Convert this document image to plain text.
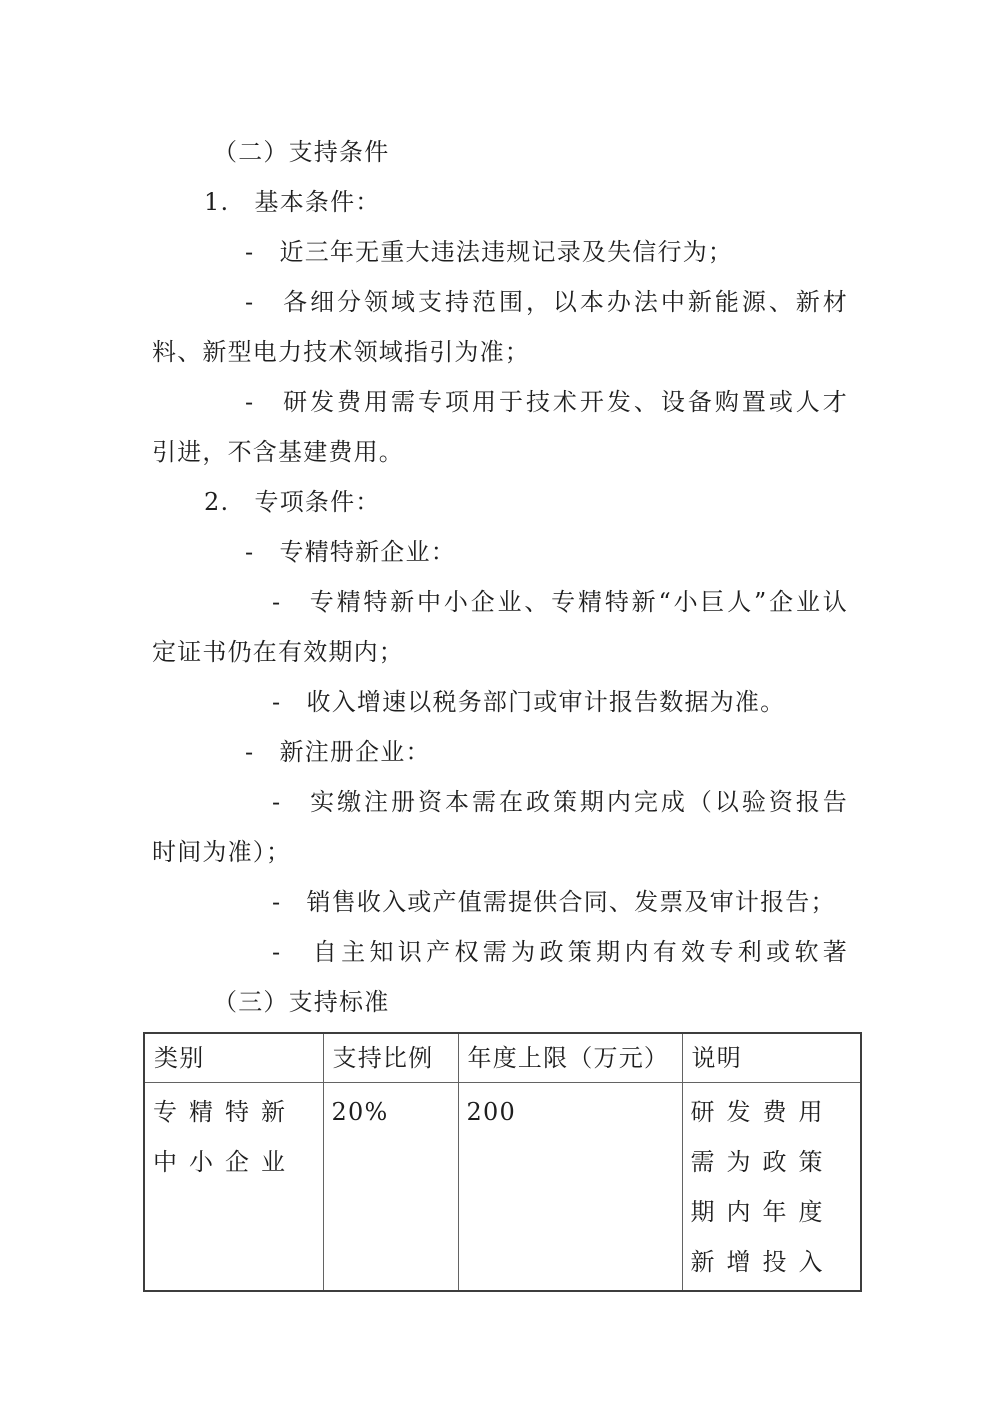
（二）支持条件
1.　基本条件：
-　近三年无重大违法违规记录及失信行为；
-　各细分领域支持范围，以本办法中新能源、新材
料、新型电力技术领域指引为准；
-　研发费用需专项用于技术开发、设备购置或人才
引进，不含基建费用。
2.　专项条件：
-　专精特新企业：
-　专精特新中小企业、专精特新“小巨人”企业认
定证书仍在有效期内；
-　收入增速以税务部门或审计报告数据为准。
-　新注册企业：
-　实缴注册资本需在政策期内完成（以验资报告
时间为准）；
-　销售收入或产值需提供合同、发票及审计报告；
-　自主知识产权需为政策期内有效专利或软著
（三）支持标准
类别	支持比例	年度上限（万元）	说明
专精特新中小企业	20%	200	研发费用需为政策期内年度新增投入
